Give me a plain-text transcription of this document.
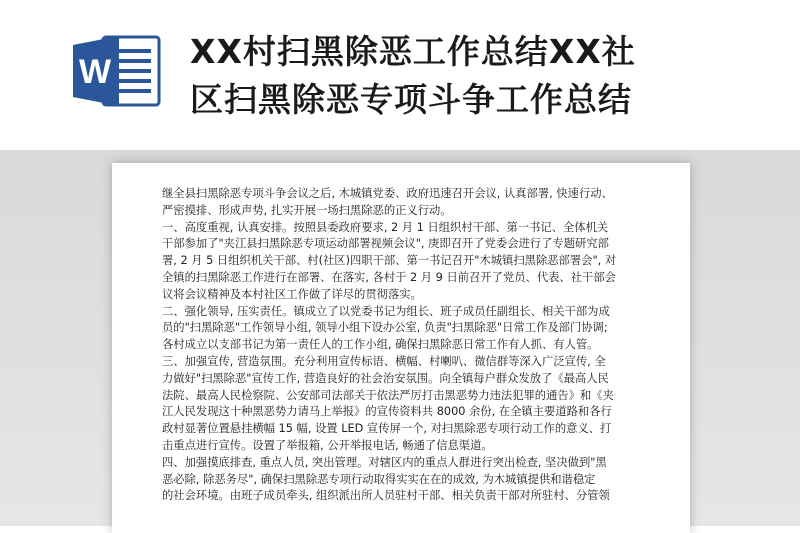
W
XX村扫黑除恶工作总结XX社
区扫黑除恶专项斗争工作总结

继全县扫黑除恶专项斗争会议之后, 木城镇党委、政府迅速召开会议, 认真部署, 快速行动、

严密摸排、形成声势, 扎实开展一场扫黑除恶的正义行动。

一、高度重视, 认真安排。按照县委政府要求, 2 月 1 日组织村干部、第一书记、全体机关

干部参加了"夹江县扫黑除恶专项运动部署视频会议", 庚即召开了党委会进行了专题研究部

署, 2 月 5 日组织机关干部、村(社区)四职干部、第一书记召开"木城镇扫黑除恶部署会", 对

全镇的扫黑除恶工作进行在部署、在落实, 各村于 2 月 9 日前召开了党员、代表、社干部会

议将会议精神及本村社区工作做了详尽的贯彻落实。

二、强化领导, 压实责任。镇成立了以党委书记为组长、班子成员任副组长、相关干部为成

员的"扫黑除恶"工作领导小组, 领导小组下设办公室, 负责"扫黑除恶"日常工作及部门协调;

各村成立以支部书记为第一责任人的工作小组, 确保扫黑除恶日常工作有人抓、有人管。

三、加强宣传, 营造氛围。充分利用宣传标语、横幅、村喇叭、微信群等深入广泛宣传, 全

力做好"扫黑除恶"宣传工作, 营造良好的社会治安氛围。向全镇每户群众发放了《最高人民

法院、最高人民检察院、公安部司法部关于依法严厉打击黑恶势力违法犯罪的通告》和《夹

江人民发现这十种黑恶势力请马上举报》的宣传资料共 8000 余份, 在全镇主要道路和各行

政村显著位置悬挂横幅 15 幅, 设置 LED 宣传屏一个, 对扫黑除恶专项行动工作的意义、打

击重点进行宣传。设置了举报箱, 公开举报电话, 畅通了信息渠道。

四、加强摸底排查, 重点人员, 突出管理。对辖区内的重点人群进行突出检查, 坚决做到"黑

恶必除, 除恶务尽", 确保扫黑除恶专项行动取得实实在在的成效, 为木城镇提供和谐稳定

的社会环境。由班子成员牵头, 组织派出所人员驻村干部、相关负责干部对所驻村、分管领
